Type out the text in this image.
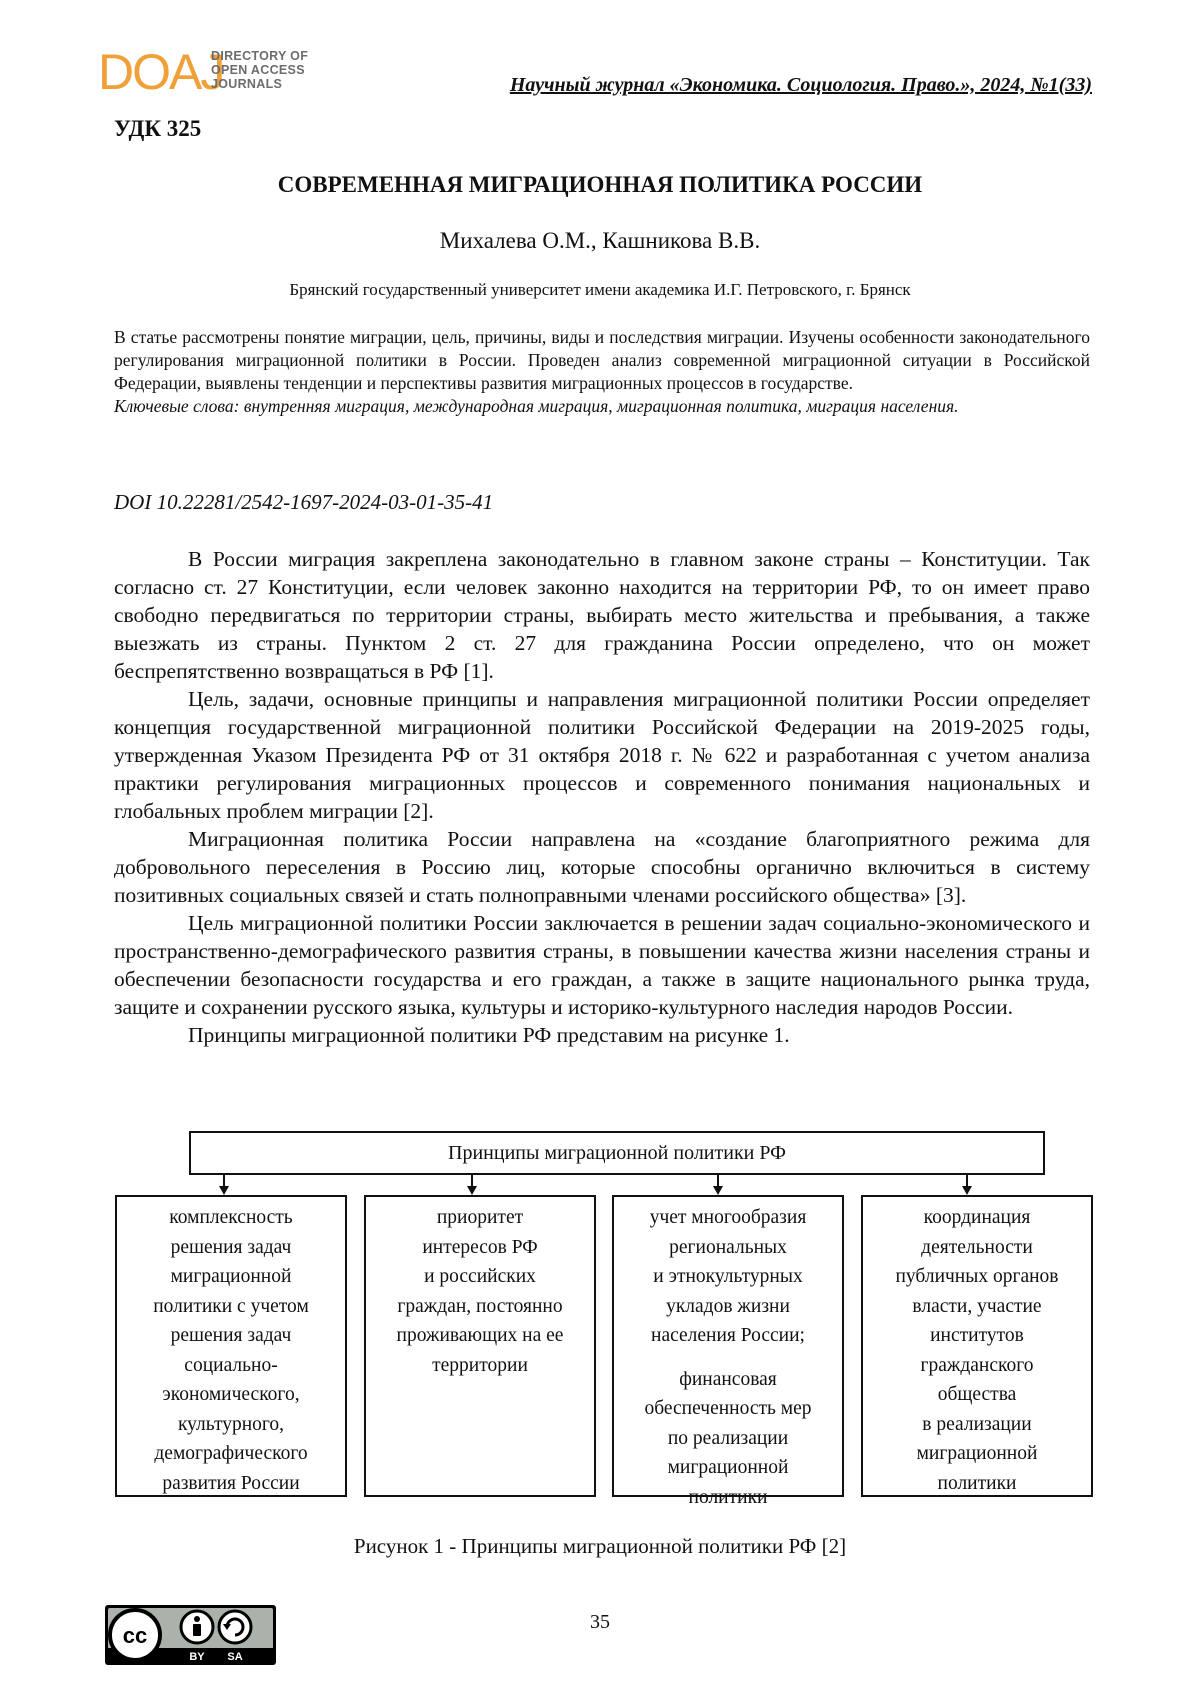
DOAJ
DIRECTORY OF
OPEN ACCESS
JOURNALS	Научный журнал «Экономика. Социология. Право.», 2024, №1(33)
УДК 325
СОВРЕМЕННАЯ МИГРАЦИОННАЯ ПОЛИТИКА РОССИИ
Михалева О.М., Кашникова В.В.
Брянский государственный университет имени академика И.Г. Петровского, г. Брянск
В статье рассмотрены понятие миграции, цель, причины, виды и последствия миграции. Изучены особенности законодательного регулирования миграционной политики в России. Проведен анализ современной миграционной ситуации в Российской Федерации, выявлены тенденции и перспективы развития миграционных процессов в государстве.
Ключевые слова: внутренняя миграция, международная миграция, миграционная политика, миграция населения.
DOI 10.22281/2542-1697-2024-03-01-35-41

В России миграция закреплена законодательно в главном законе страны – Конституции. Так согласно ст. 27 Конституции, если человек законно находится на территории РФ, то он имеет право свободно передвигаться по территории страны, выбирать место жительства и пребывания, а также выезжать из страны. Пунктом 2 ст. 27 для гражданина России определено, что он может беспрепятственно возвращаться в РФ [1].

Цель, задачи, основные принципы и направления миграционной политики России определяет концепция государственной миграционной политики Российской Федерации на 2019-2025 годы, утвержденная Указом Президента РФ от 31 октября 2018 г. № 622 и разработанная с учетом анализа практики регулирования миграционных процессов и современного понимания национальных и глобальных проблем миграции [2].

Миграционная политика России направлена на «создание благоприятного режима для добровольного переселения в Россию лиц, которые способны органично включиться в систему позитивных социальных связей и стать полноправными членами российского общества» [3].

Цель миграционной политики России заключается в решении задач социально-экономического и пространственно-демографического развития страны, в повышении качества жизни населения страны и обеспечении безопасности государства и его граждан, а также в защите национального рынка труда, защите и сохранении русского языка, культуры и историко-культурного наследия народов России.

Принципы миграционной политики РФ представим на рисунке 1.

Принципы миграционной политики РФ
комплексность
решения задач
миграционной
политики с учетом
решения задач
социально-
экономического,
культурного,
демографического
развития России
приоритет
интересов РФ
и российских
граждан, постоянно
проживающих на ее
территории
учет многообразия
региональных
и этнокультурных
укладов жизни
населения России;
финансовая
обеспеченность мер
по реализации
миграционной
политики
координация
деятельности
публичных органов
власти, участие
институтов
гражданского
общества
в реализации
миграционной
политики
Рисунок 1 - Принципы миграционной политики РФ [2]
cc
BY SA
35
